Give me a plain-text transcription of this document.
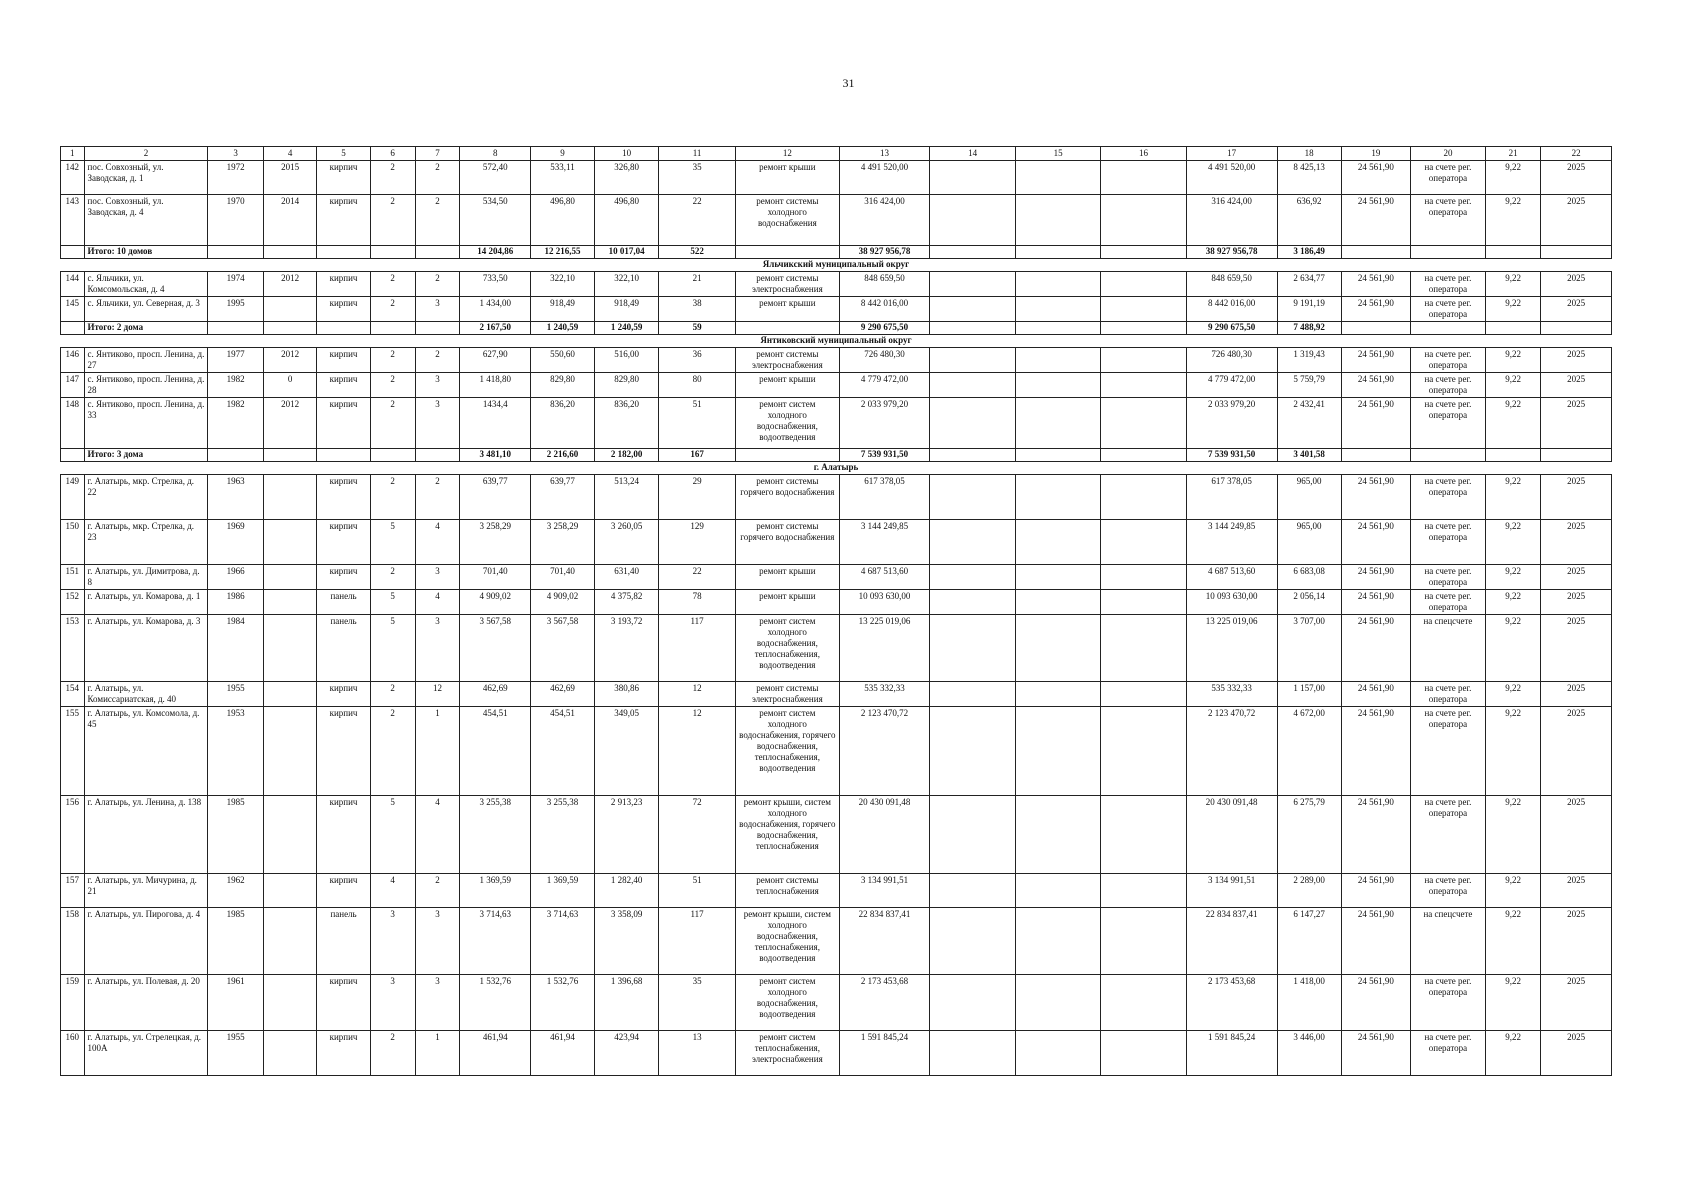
31
1	2	3	4	5	6	7	8	9	10	11	12	13	14	15	16	17	18	19	20	21	22
142	пос. Совхозный, ул. Заводская, д. 1	1972	2015	кирпич	2	2	572,40	533,11	326,80	35	ремонт крыши	4 491 520,00				4 491 520,00	8 425,13	24 561,90	на счете рег. оператора	9,22	2025
143	пос. Совхозный, ул. Заводская, д. 4	1970	2014	кирпич	2	2	534,50	496,80	496,80	22	ремонт системы холодного водоснабжения	316 424,00				316 424,00	636,92	24 561,90	на счете рег. оператора	9,22	2025
	Итого: 10 домов						14 204,86	12 216,55	10 017,04	522		38 927 956,78				38 927 956,78	3 186,49				
Яльчикский муниципальный округ																					
144	с. Яльчики, ул. Комсомольская, д. 4	1974	2012	кирпич	2	2	733,50	322,10	322,10	21	ремонт системы электроснабжения	848 659,50				848 659,50	2 634,77	24 561,90	на счете рег. оператора	9,22	2025
145	с. Яльчики, ул. Северная, д. 3	1995		кирпич	2	3	1 434,00	918,49	918,49	38	ремонт крыши	8 442 016,00				8 442 016,00	9 191,19	24 561,90	на счете рег. оператора	9,22	2025
	Итого: 2 дома						2 167,50	1 240,59	1 240,59	59		9 290 675,50				9 290 675,50	7 488,92				
Янтиковский муниципальный округ																					
146	с. Янтиково, просп. Ленина, д. 27	1977	2012	кирпич	2	2	627,90	550,60	516,00	36	ремонт системы электроснабжения	726 480,30				726 480,30	1 319,43	24 561,90	на счете рег. оператора	9,22	2025
147	с. Янтиково, просп. Ленина, д. 28	1982	0	кирпич	2	3	1 418,80	829,80	829,80	80	ремонт крыши	4 779 472,00				4 779 472,00	5 759,79	24 561,90	на счете рег. оператора	9,22	2025
148	с. Янтиково, просп. Ленина, д. 33	1982	2012	кирпич	2	3	1434,4	836,20	836,20	51	ремонт систем холодного водоснабжения, водоотведения	2 033 979,20				2 033 979,20	2 432,41	24 561,90	на счете рег. оператора	9,22	2025
	Итого: 3 дома						3 481,10	2 216,60	2 182,00	167		7 539 931,50				7 539 931,50	3 401,58				
г. Алатырь																					
149	г. Алатырь, мкр. Стрелка, д. 22	1963		кирпич	2	2	639,77	639,77	513,24	29	ремонт системы горячего водоснабжения	617 378,05				617 378,05	965,00	24 561,90	на счете рег. оператора	9,22	2025
150	г. Алатырь, мкр. Стрелка, д. 23	1969		кирпич	5	4	3 258,29	3 258,29	3 260,05	129	ремонт системы горячего водоснабжения	3 144 249,85				3 144 249,85	965,00	24 561,90	на счете рег. оператора	9,22	2025
151	г. Алатырь, ул. Димитрова, д. 8	1966		кирпич	2	3	701,40	701,40	631,40	22	ремонт крыши	4 687 513,60				4 687 513,60	6 683,08	24 561,90	на счете рег. оператора	9,22	2025
152	г. Алатырь, ул. Комарова, д. 1	1986		панель	5	4	4 909,02	4 909,02	4 375,82	78	ремонт крыши	10 093 630,00				10 093 630,00	2 056,14	24 561,90	на счете рег. оператора	9,22	2025
153	г. Алатырь, ул. Комарова, д. 3	1984		панель	5	3	3 567,58	3 567,58	3 193,72	117	ремонт систем холодного водоснабжения, теплоснабжения, водоотведения	13 225 019,06				13 225 019,06	3 707,00	24 561,90	на спецсчете	9,22	2025
154	г. Алатырь, ул. Комиссариатская, д. 40	1955		кирпич	2	12	462,69	462,69	380,86	12	ремонт системы электроснабжения	535 332,33				535 332,33	1 157,00	24 561,90	на счете рег. оператора	9,22	2025
155	г. Алатырь, ул. Комсомола, д. 45	1953		кирпич	2	1	454,51	454,51	349,05	12	ремонт систем холодного водоснабжения, горячего водоснабжения, теплоснабжения, водоотведения	2 123 470,72				2 123 470,72	4 672,00	24 561,90	на счете рег. оператора	9,22	2025
156	г. Алатырь, ул. Ленина, д. 138	1985		кирпич	5	4	3 255,38	3 255,38	2 913,23	72	ремонт крыши, систем холодного водоснабжения, горячего водоснабжения, теплоснабжения	20 430 091,48				20 430 091,48	6 275,79	24 561,90	на счете рег. оператора	9,22	2025
157	г. Алатырь, ул. Мичурина, д. 21	1962		кирпич	4	2	1 369,59	1 369,59	1 282,40	51	ремонт системы теплоснабжения	3 134 991,51				3 134 991,51	2 289,00	24 561,90	на счете рег. оператора	9,22	2025
158	г. Алатырь, ул. Пирогова, д. 4	1985		панель	3	3	3 714,63	3 714,63	3 358,09	117	ремонт крыши, систем холодного водоснабжения, теплоснабжения, водоотведения	22 834 837,41				22 834 837,41	6 147,27	24 561,90	на спецсчете	9,22	2025
159	г. Алатырь, ул. Полевая, д. 20	1961		кирпич	3	3	1 532,76	1 532,76	1 396,68	35	ремонт систем холодного водоснабжения, водоотведения	2 173 453,68				2 173 453,68	1 418,00	24 561,90	на счете рег. оператора	9,22	2025
160	г. Алатырь, ул. Стрелецкая, д. 100А	1955		кирпич	2	1	461,94	461,94	423,94	13	ремонт систем теплоснабжения, электроснабжения	1 591 845,24				1 591 845,24	3 446,00	24 561,90	на счете рег. оператора	9,22	2025
